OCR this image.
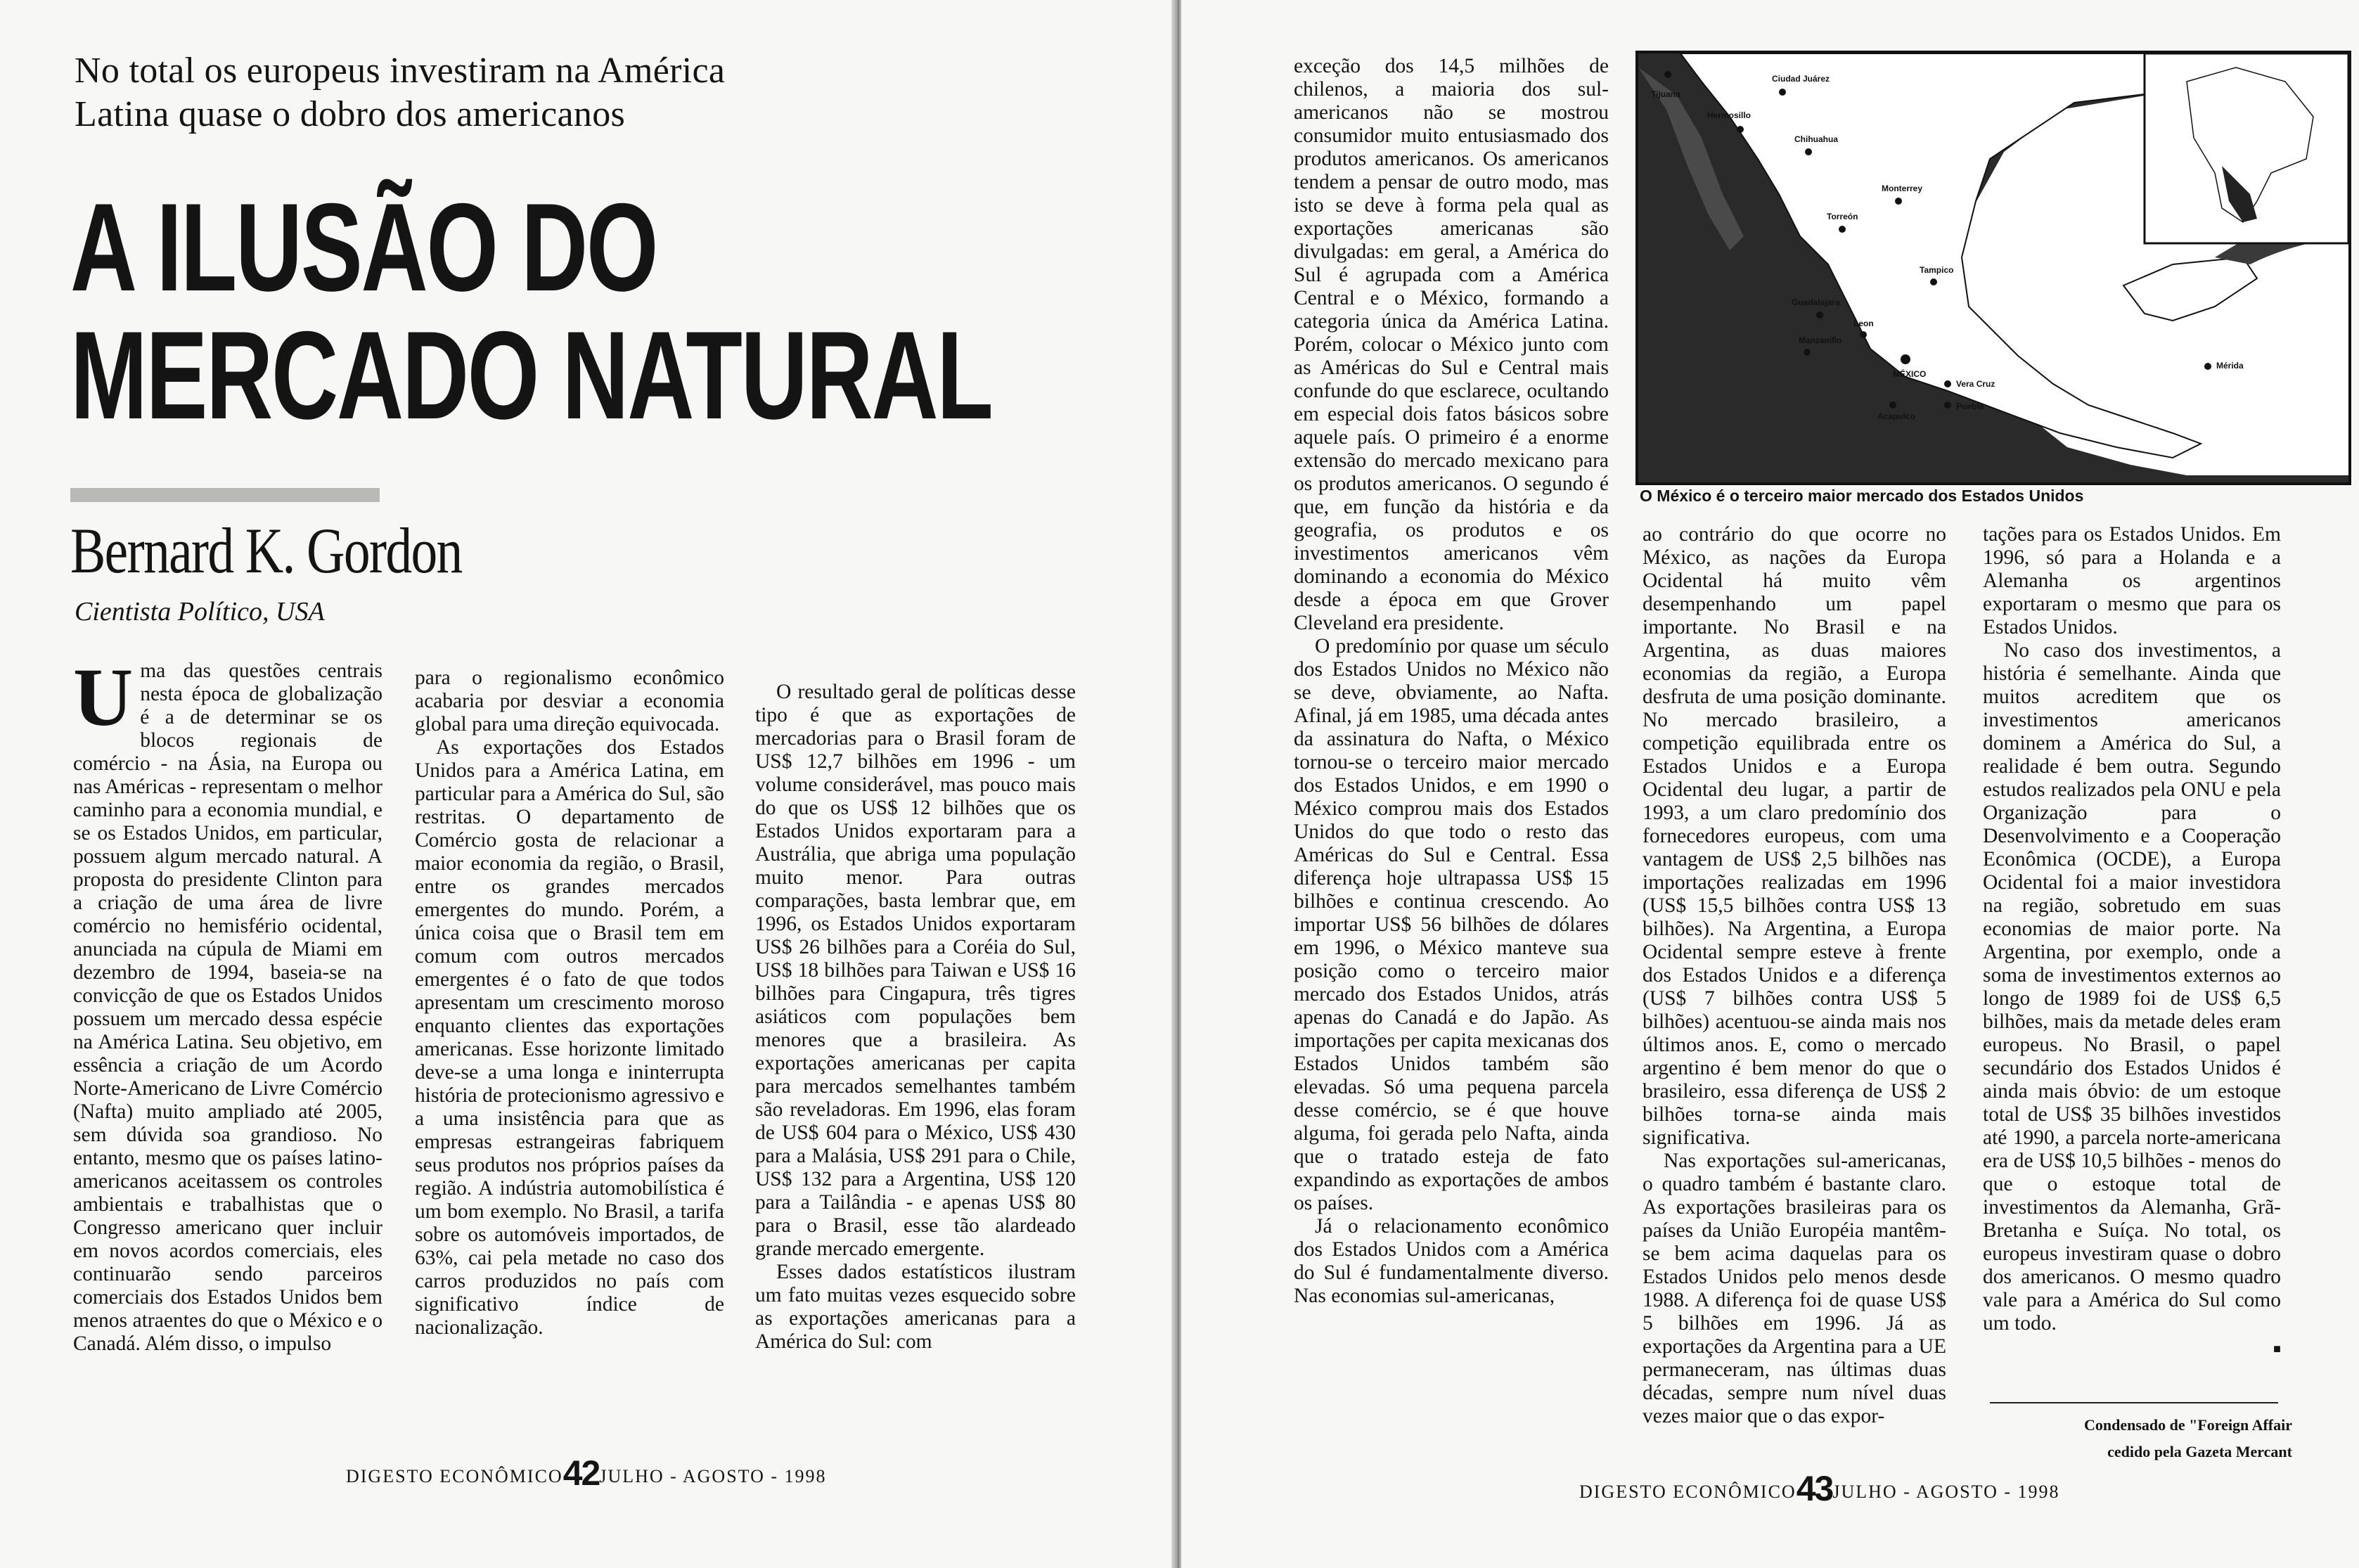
No total os europeus investiram na América
Latina quase o dobro dos americanos
A ILUSÃO DO
MERCADO NATURAL
Bernard K. Gordon
Cientista Político, USA
U ma das questões centrais nesta época de globalização é a de determinar se os blocos regionais de comércio - na Ásia, na Europa ou nas Américas - representam o melhor caminho para a economia mundial, e se os Estados Unidos, em particular, possuem algum mercado natural. A proposta do presidente Clinton para a criação de uma área de livre comércio no hemisfério ocidental, anunciada na cúpula de Miami em dezembro de 1994, baseia-se na convicção de que os Estados Unidos possuem um mercado dessa espécie na América Latina. Seu objetivo, em essência a criação de um Acordo Norte-Americano de Livre Comércio (Nafta) muito ampliado até 2005, sem dúvida soa grandioso. No entanto, mesmo que os países latino-americanos aceitassem os controles ambientais e trabalhistas que o Congresso americano quer incluir em novos acordos comerciais, eles continuarão sendo parceiros comerciais dos Estados Unidos bem menos atraentes do que o México e o Canadá. Além disso, o impulso

para o regionalismo econômico acabaria por desviar a economia global para uma direção equivocada.

As exportações dos Estados Unidos para a América Latina, em particular para a América do Sul, são restritas. O departamento de Comércio gosta de relacionar a maior economia da região, o Brasil, entre os grandes mercados emergentes do mundo. Porém, a única coisa que o Brasil tem em comum com outros mercados emergentes é o fato de que todos apresentam um crescimento moroso enquanto clientes das exportações americanas. Esse horizonte limitado deve-se a uma longa e ininterrupta história de protecionismo agressivo e a uma insistência para que as empresas estrangeiras fabriquem seus produtos nos próprios países da região. A indústria automobilística é um bom exemplo. No Brasil, a tarifa sobre os automóveis importados, de 63%, cai pela metade no caso dos carros produzidos no país com significativo índice de nacionalização.

O resultado geral de políticas desse tipo é que as exportações de mercadorias para o Brasil foram de US$ 12,7 bilhões em 1996 - um volume considerável, mas pouco mais do que os US$ 12 bilhões que os Estados Unidos exportaram para a Austrália, que abriga uma população muito menor. Para outras comparações, basta lembrar que, em 1996, os Estados Unidos exportaram US$ 26 bilhões para a Coréia do Sul, US$ 18 bilhões para Taiwan e US$ 16 bilhões para Cingapura, três tigres asiáticos com populações bem menores que a brasileira. As exportações americanas per capita para mercados semelhantes também são reveladoras. Em 1996, elas foram de US$ 604 para o México, US$ 430 para a Malásia, US$ 291 para o Chile, US$ 132 para a Argentina, US$ 120 para a Tailândia - e apenas US$ 80 para o Brasil, esse tão alardeado grande mercado emergente.

Esses dados estatísticos ilustram um fato muitas vezes esquecido sobre as exportações americanas para a América do Sul: com

DIGESTO ECONÔMICO42JULHO - AGOSTO - 1998

exceção dos 14,5 milhões de chilenos, a maioria dos sul-americanos não se mostrou consumidor muito entusiasmado dos produtos americanos. Os americanos tendem a pensar de outro modo, mas isto se deve à forma pela qual as exportações americanas são divulgadas: em geral, a América do Sul é agrupada com a América Central e o México, formando a categoria única da América Latina. Porém, colocar o México junto com as Américas do Sul e Central mais confunde do que esclarece, ocultando em especial dois fatos básicos sobre aquele país. O primeiro é a enorme extensão do mercado mexicano para os produtos americanos. O segundo é que, em função da história e da geografia, os produtos e os investimentos americanos vêm dominando a economia do México desde a época em que Grover Cleveland era presidente.

O predomínio por quase um século dos Estados Unidos no México não se deve, obviamente, ao Nafta. Afinal, já em 1985, uma década antes da assinatura do Nafta, o México tornou-se o terceiro maior mercado dos Estados Unidos, e em 1990 o México comprou mais dos Estados Unidos do que todo o resto das Américas do Sul e Central. Essa diferença hoje ultrapassa US$ 15 bilhões e continua crescendo. Ao importar US$ 56 bilhões de dólares em 1996, o México manteve sua posição como o terceiro maior mercado dos Estados Unidos, atrás apenas do Canadá e do Japão. As importações per capita mexicanas dos Estados Unidos também são elevadas. Só uma pequena parcela desse comércio, se é que houve alguma, foi gerada pelo Nafta, ainda que o tratado esteja de fato expandindo as exportações de ambos os países.

Já o relacionamento econômico dos Estados Unidos com a América do Sul é fundamentalmente diverso. Nas economias sul-americanas,

Tijuana
Ciudad Juárez
Hermosillo
Chihuahua
Monterrey
Torreón
Tampico
Guadalajara
Leon
Manzanillo
MÉXICO
Acapulco
Vera Cruz
Puebla
Mérida
O México é o terceiro maior mercado dos Estados Unidos

ao contrário do que ocorre no México, as nações da Europa Ocidental há muito vêm desempenhando um papel importante. No Brasil e na Argentina, as duas maiores economias da região, a Europa desfruta de uma posição dominante. No mercado brasileiro, a competição equilibrada entre os Estados Unidos e a Europa Ocidental deu lugar, a partir de 1993, a um claro predomínio dos fornecedores europeus, com uma vantagem de US$ 2,5 bilhões nas importações realizadas em 1996 (US$ 15,5 bilhões contra US$ 13 bilhões). Na Argentina, a Europa Ocidental sempre esteve à frente dos Estados Unidos e a diferença (US$ 7 bilhões contra US$ 5 bilhões) acentuou-se ainda mais nos últimos anos. E, como o mercado argentino é bem menor do que o brasileiro, essa diferença de US$ 2 bilhões torna-se ainda mais significativa.

Nas exportações sul-americanas, o quadro também é bastante claro. As exportações brasileiras para os países da União Européia mantêm-se bem acima daquelas para os Estados Unidos pelo menos desde 1988. A diferença foi de quase US$ 5 bilhões em 1996. Já as exportações da Argentina para a UE permaneceram, nas últimas duas décadas, sempre num nível duas vezes maior que o das expor-

tações para os Estados Unidos. Em 1996, só para a Holanda e a Alemanha os argentinos exportaram o mesmo que para os Estados Unidos.

No caso dos investimentos, a história é semelhante. Ainda que muitos acreditem que os investimentos americanos dominem a América do Sul, a realidade é bem outra. Segundo estudos realizados pela ONU e pela Organização para o Desenvolvimento e a Cooperação Econômica (OCDE), a Europa Ocidental foi a maior investidora na região, sobretudo em suas economias de maior porte. Na Argentina, por exemplo, onde a soma de investimentos externos ao longo de 1989 foi de US$ 6,5 bilhões, mais da metade deles eram europeus. No Brasil, o papel secundário dos Estados Unidos é ainda mais óbvio: de um estoque total de US$ 35 bilhões investidos até 1990, a parcela norte-americana era de US$ 10,5 bilhões - menos do que o estoque total de investimentos da Alemanha, Grã-Bretanha e Suíça. No total, os europeus investiram quase o dobro dos americanos. O mesmo quadro vale para a América do Sul como um todo.

■
Condensado de "Foreign Affair
cedido pela Gazeta Mercant
DIGESTO ECONÔMICO43JULHO - AGOSTO - 1998
